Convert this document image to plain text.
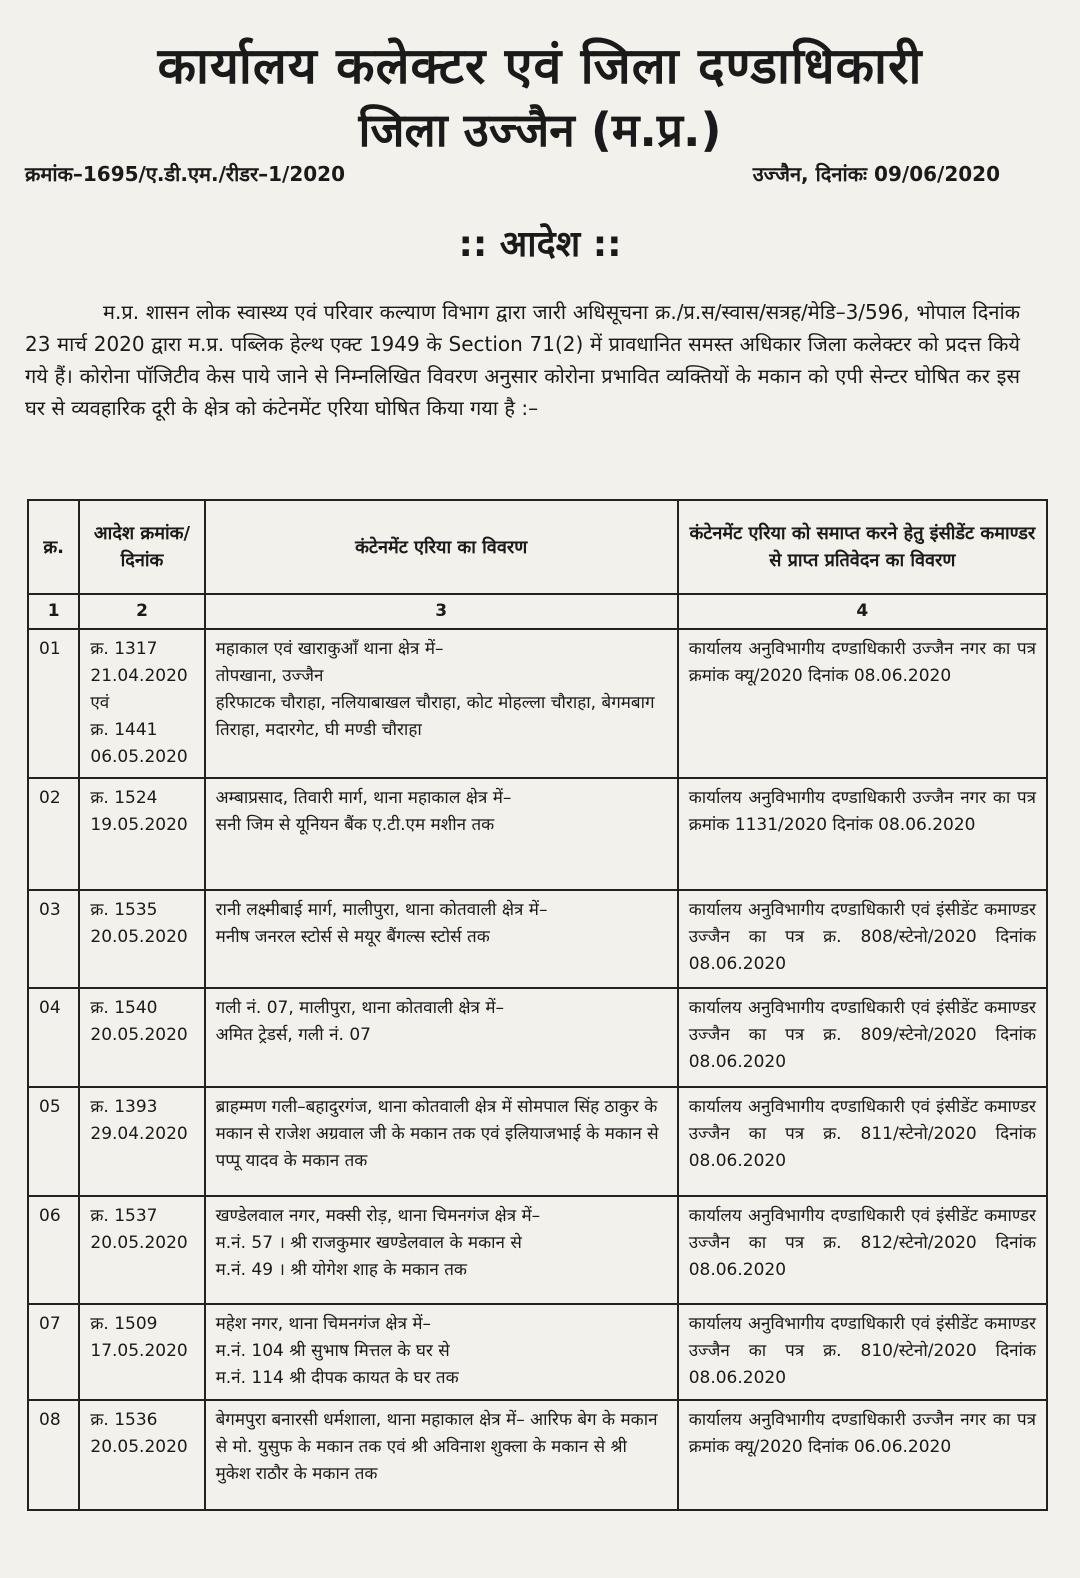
कार्यालय कलेक्टर एवं जिला दण्डाधिकारी
जिला उज्जैन (म.प्र.)
क्रमांक–1695/ए.डी.एम./रीडर–1/2020	उज्जैन, दिनांकः 09/06/2020
:: आदेश ::

म.प्र. शासन लोक स्वास्थ्य एवं परिवार कल्याण विभाग द्वारा जारी अधिसूचना क्र./प्र.स/स्वास/सत्रह/मेडि–3/596, भोपाल दिनांक 23 मार्च 2020 द्वारा म.प्र. पब्लिक हेल्थ एक्ट 1949 के Section 71(2) में प्रावधानित समस्त अधिकार जिला कलेक्टर को प्रदत्त किये गये हैं। कोरोना पॉजिटीव केस पाये जाने से निम्नलिखित विवरण अनुसार कोरोना प्रभावित व्यक्तियों के मकान को एपी सेन्टर घोषित कर इस घर से व्यवहारिक दूरी के क्षेत्र को कंटेनमेंट एरिया घोषित किया गया है :–

क्र.	आदेश क्रमांक/ दिनांक	कंटेनमेंट एरिया का विवरण	कंटेनमेंट एरिया को समाप्त करने हेतु इंसीडेंट कमाण्डर से प्राप्त प्रतिवेदन का विवरण
1	2	3	4
01	क्र. 1317
21.04.2020
एवं
क्र. 1441
06.05.2020	महाकाल एवं खाराकुआँ थाना क्षेत्र में–
तोपखाना, उज्जैन
हरिफाटक चौराहा, नलियाबाखल चौराहा, कोट मोहल्ला चौराहा, बेगमबाग तिराहा, मदारगेट, घी मण्डी चौराहा	कार्यालय अनुविभागीय दण्डाधिकारी उज्जैन नगर का पत्र क्रमांक क्यू/2020 दिनांक 08.06.2020
02	क्र. 1524
19.05.2020	अम्बाप्रसाद, तिवारी मार्ग, थाना महाकाल क्षेत्र में–
सनी जिम से यूनियन बैंक ए.टी.एम मशीन तक	कार्यालय अनुविभागीय दण्डाधिकारी उज्जैन नगर का पत्र क्रमांक 1131/2020 दिनांक 08.06.2020
03	क्र. 1535
20.05.2020	रानी लक्ष्मीबाई मार्ग, मालीपुरा, थाना कोतवाली क्षेत्र में–
मनीष जनरल स्टोर्स से मयूर बैंगल्स स्टोर्स तक	कार्यालय अनुविभागीय दण्डाधिकारी एवं इंसीडेंट कमाण्डर उज्जैन का पत्र क्र. 808/स्टेनो/2020 दिनांक 08.06.2020
04	क्र. 1540
20.05.2020	गली नं. 07, मालीपुरा, थाना कोतवाली क्षेत्र में–
अमित ट्रेडर्स, गली नं. 07	कार्यालय अनुविभागीय दण्डाधिकारी एवं इंसीडेंट कमाण्डर उज्जैन का पत्र क्र. 809/स्टेनो/2020 दिनांक 08.06.2020
05	क्र. 1393
29.04.2020	ब्राहम्मण गली–बहादुरगंज, थाना कोतवाली क्षेत्र में सोमपाल सिंह ठाकुर के मकान से राजेश अग्रवाल जी के मकान तक एवं इलियाजभाई के मकान से पप्पू यादव के मकान तक	कार्यालय अनुविभागीय दण्डाधिकारी एवं इंसीडेंट कमाण्डर उज्जैन का पत्र क्र. 811/स्टेनो/2020 दिनांक 08.06.2020
06	क्र. 1537
20.05.2020	खण्डेलवाल नगर, मक्सी रोड़, थाना चिमनगंज क्षेत्र में–
म.नं. 57 । श्री राजकुमार खण्डेलवाल के मकान से
म.नं. 49 । श्री योगेश शाह के मकान तक	कार्यालय अनुविभागीय दण्डाधिकारी एवं इंसीडेंट कमाण्डर उज्जैन का पत्र क्र. 812/स्टेनो/2020 दिनांक 08.06.2020
07	क्र. 1509
17.05.2020	महेश नगर, थाना चिमनगंज क्षेत्र में–
म.नं. 104 श्री सुभाष मित्तल के घर से
म.नं. 114 श्री दीपक कायत के घर तक	कार्यालय अनुविभागीय दण्डाधिकारी एवं इंसीडेंट कमाण्डर उज्जैन का पत्र क्र. 810/स्टेनो/2020 दिनांक 08.06.2020
08	क्र. 1536
20.05.2020	बेगमपुरा बनारसी धर्मशाला, थाना महाकाल क्षेत्र में– आरिफ बेग के मकान से मो. युसुफ के मकान तक एवं श्री अविनाश शुक्ला के मकान से श्री मुकेश राठौर के मकान तक	कार्यालय अनुविभागीय दण्डाधिकारी उज्जैन नगर का पत्र क्रमांक क्यू/2020 दिनांक 06.06.2020
